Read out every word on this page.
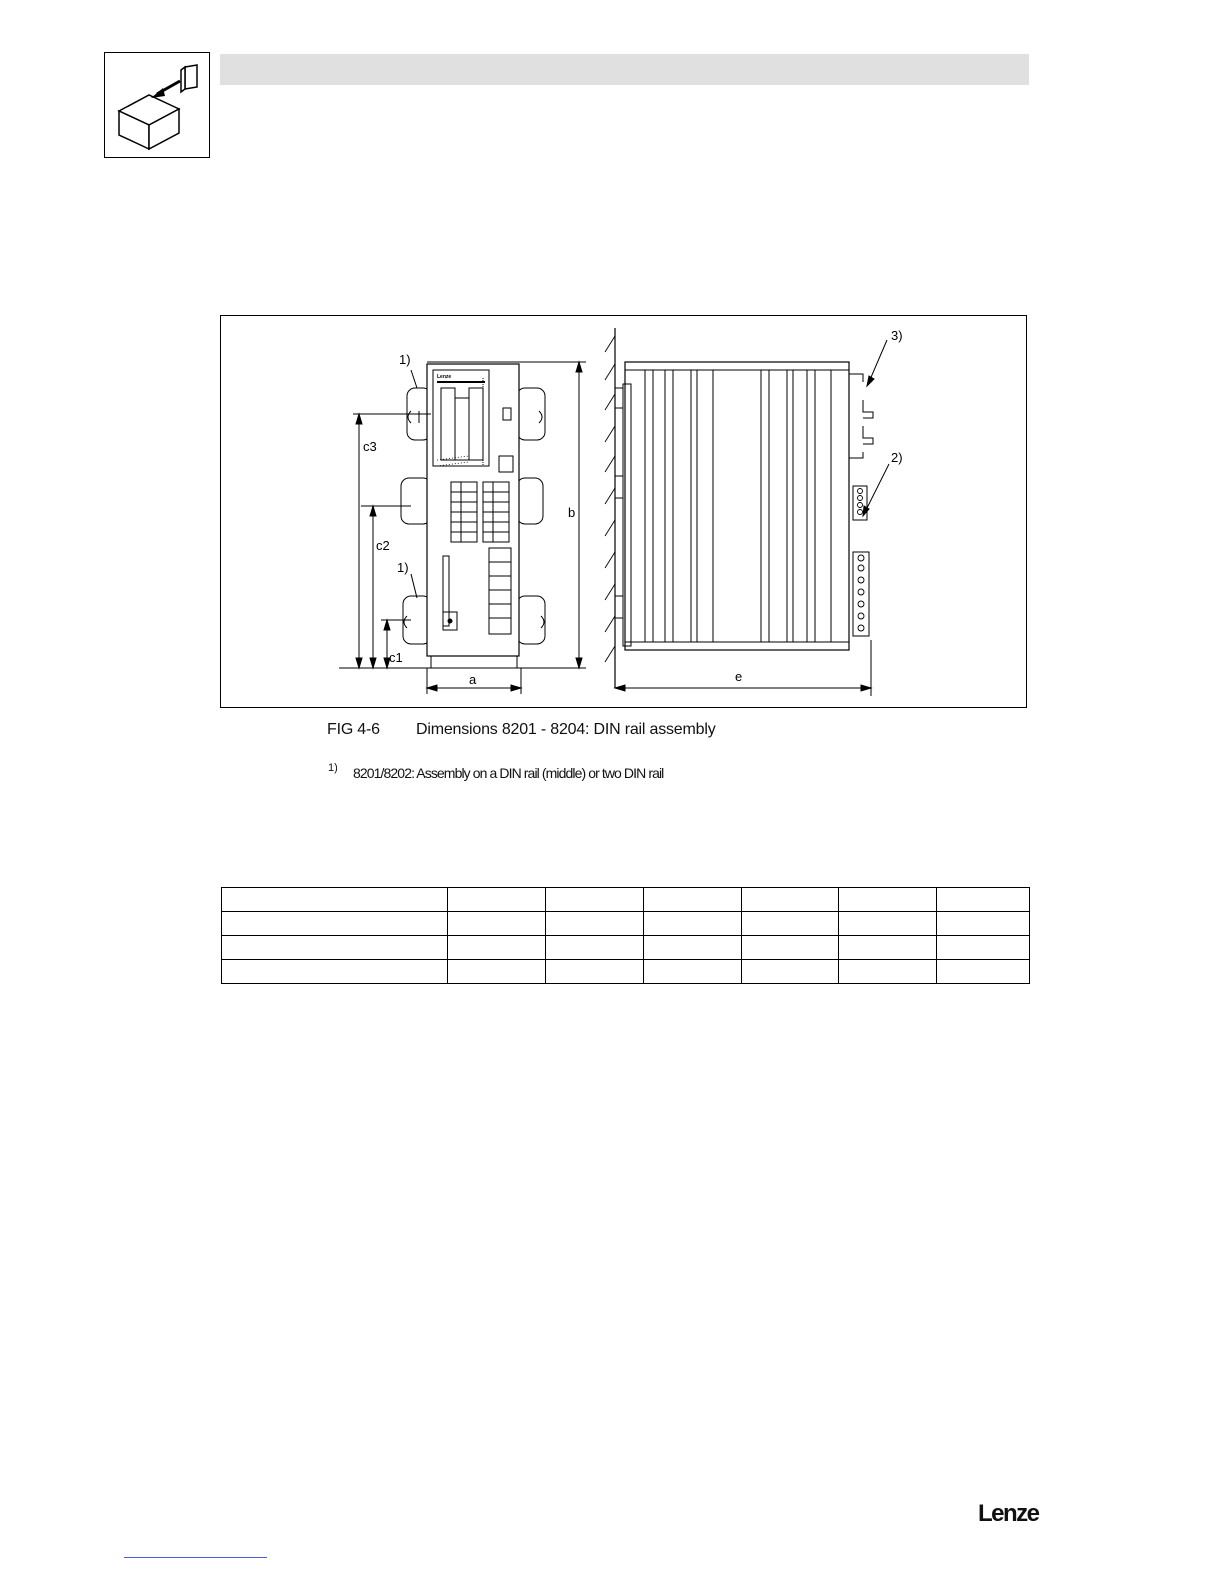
Lenze
1)
1)
2)
3)
b
c3
c2
c1
a	e
FIG 4-6 Dimensions 8201 - 8204: DIN rail assembly
1) 8201/8202: Assembly on a DIN rail (middle) or two DIN rail

Lenze
